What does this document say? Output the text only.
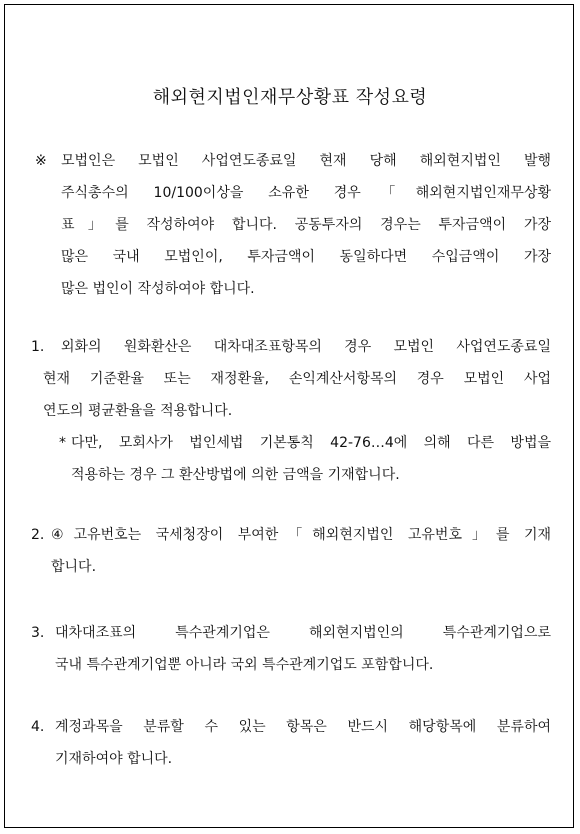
해외현지법인재무상황표 작성요령
※ 모법인은 모법인 사업연도종료일 현재 당해 해외현지법인 발행
주식총수의 10/100이상을 소유한 경우「해외현지법인재무상황
표」를 작성하여야 합니다. 공동투자의 경우는 투자금액이 가장
많은 국내 모법인이, 투자금액이 동일하다면 수입금액이 가장
많은 법인이 작성하여야 합니다.
1. 외화의 원화환산은 대차대조표항목의 경우 모법인 사업연도종료일
현재 기준환율 또는 재정환율, 손익계산서항목의 경우 모법인 사업
연도의 평균환율을 적용합니다.
* 다만, 모회사가 법인세법 기본통칙 42-76…4에 의해 다른 방법을
적용하는 경우 그 환산방법에 의한 금액을 기재합니다.
2. ④고유번호는 국세청장이 부여한「해외현지법인 고유번호」를 기재
합니다.
3. 대차대조표의 특수관계기업은 해외현지법인의 특수관계기업으로
국내 특수관계기업뿐 아니라 국외 특수관계기업도 포함합니다.
4. 계정과목을 분류할 수 있는 항목은 반드시 해당항목에 분류하여
기재하여야 합니다.
